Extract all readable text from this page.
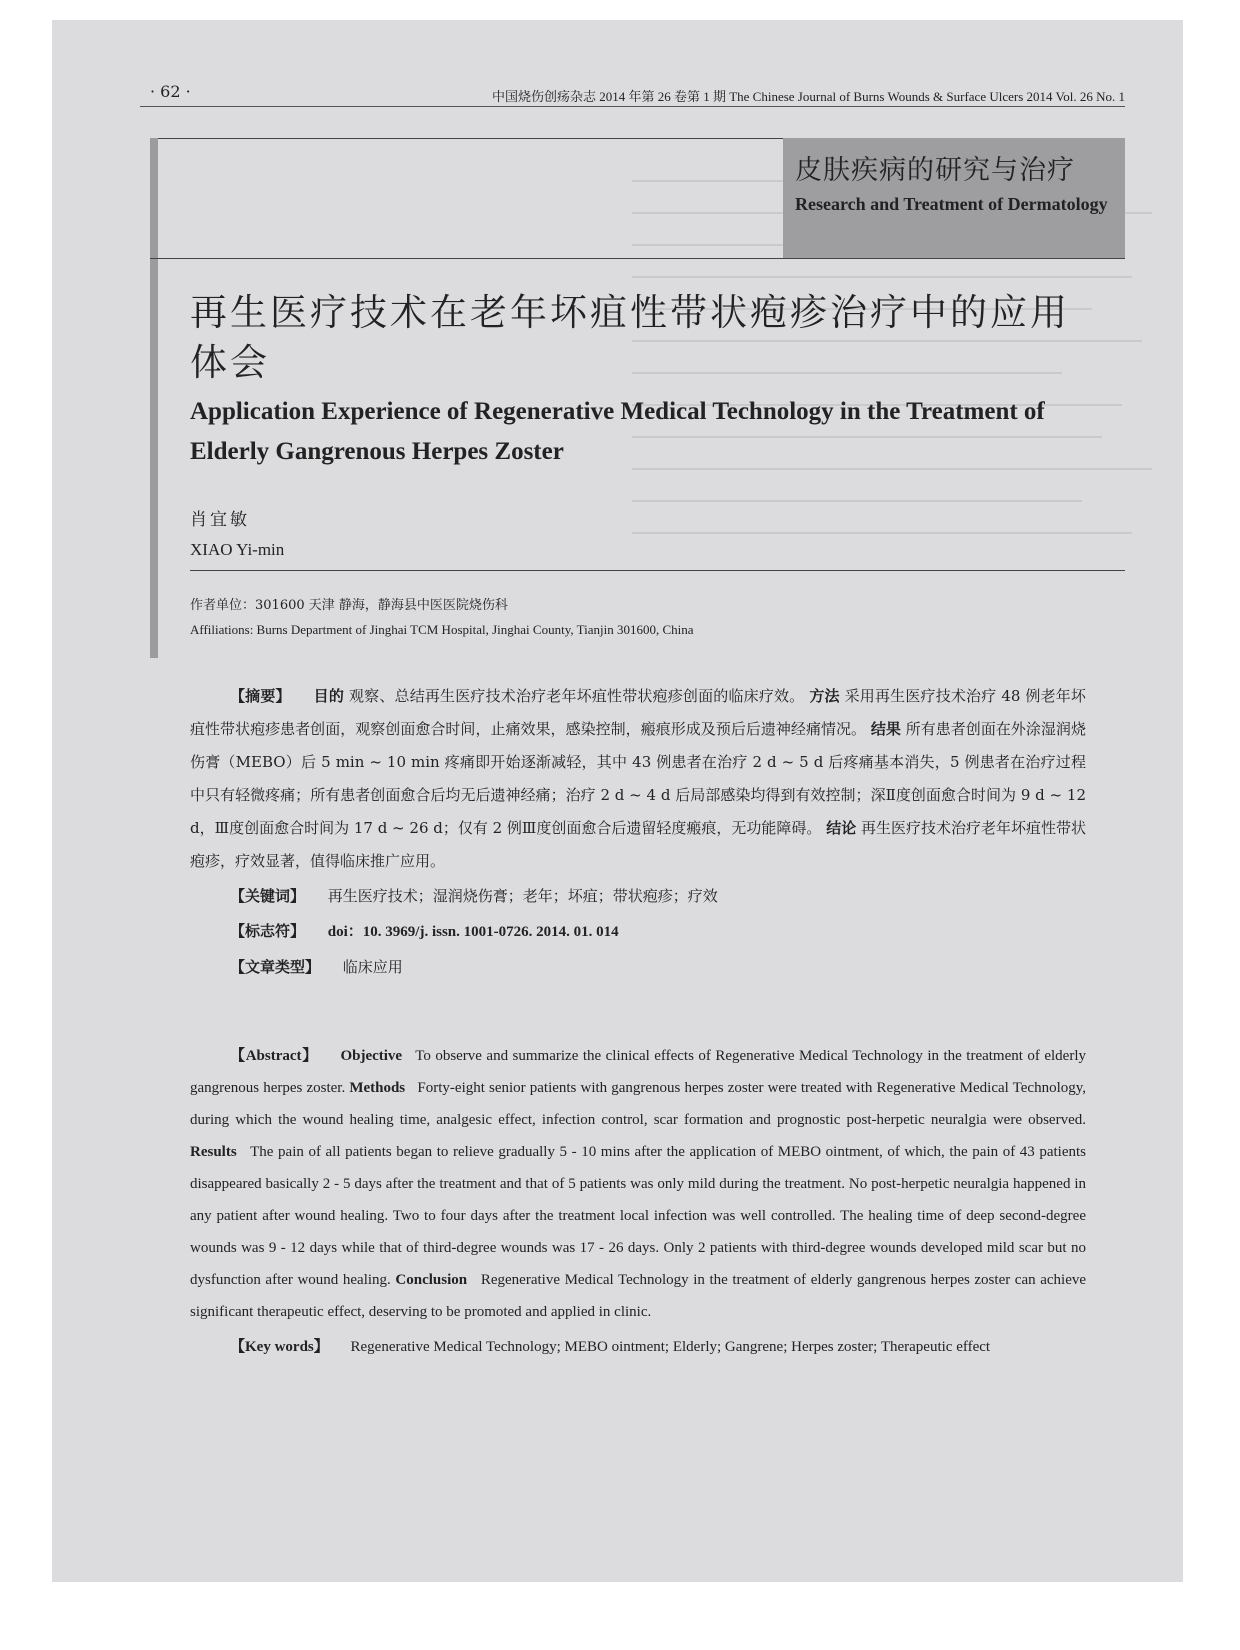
· 62 ·	中国烧伤创疡杂志 2014 年第 26 卷第 1 期 The Chinese Journal of Burns Wounds & Surface Ulcers 2014 Vol. 26 No. 1
皮肤疾病的研究与治疗
Research and Treatment of Dermatology
再生医疗技术在老年坏疽性带状疱疹治疗中的应用体会
Application Experience of Regenerative Medical Technology in the Treatment of Elderly Gangrenous Herpes Zoster
肖宜敏
XIAO Yi-min
作者单位：301600 天津 静海，静海县中医医院烧伤科
Affiliations: Burns Department of Jinghai TCM Hospital, Jinghai County, Tianjin 301600, China
【摘要】 目的 观察、总结再生医疗技术治疗老年坏疽性带状疱疹创面的临床疗效。 方法 采用再生医疗技术治疗 48 例老年坏疽性带状疱疹患者创面，观察创面愈合时间，止痛效果，感染控制，瘢痕形成及预后后遗神经痛情况。 结果 所有患者创面在外涂湿润烧伤膏（MEBO）后 5 min ~ 10 min 疼痛即开始逐渐减轻，其中 43 例患者在治疗 2 d ~ 5 d 后疼痛基本消失，5 例患者在治疗过程中只有轻微疼痛；所有患者创面愈合后均无后遗神经痛；治疗 2 d ~ 4 d 后局部感染均得到有效控制；深Ⅱ度创面愈合时间为 9 d ~ 12 d，Ⅲ度创面愈合时间为 17 d ~ 26 d；仅有 2 例Ⅲ度创面愈合后遗留轻度瘢痕，无功能障碍。 结论 再生医疗技术治疗老年坏疽性带状疱疹，疗效显著，值得临床推广应用。
【关键词】 再生医疗技术；湿润烧伤膏；老年；坏疽；带状疱疹；疗效
【标志符】 doi：10. 3969/j. issn. 1001-0726. 2014. 01. 014
【文章类型】 临床应用

【Abstract】 Objective To observe and summarize the clinical effects of Regenerative Medical Technology in the treatment of elderly gangrenous herpes zoster. Methods Forty-eight senior patients with gangrenous herpes zoster were treated with Regenerative Medical Technology, during which the wound healing time, analgesic effect, infection control, scar formation and prognostic post-herpetic neuralgia were observed. Results The pain of all patients began to relieve gradually 5 - 10 mins after the application of MEBO ointment, of which, the pain of 43 patients disappeared basically 2 - 5 days after the treatment and that of 5 patients was only mild during the treatment. No post-herpetic neuralgia happened in any patient after wound healing. Two to four days after the treatment local infection was well controlled. The healing time of deep second-degree wounds was 9 - 12 days while that of third-degree wounds was 17 - 26 days. Only 2 patients with third-degree wounds developed mild scar but no dysfunction after wound healing. Conclusion Regenerative Medical Technology in the treatment of elderly gangrenous herpes zoster can achieve significant therapeutic effect, deserving to be promoted and applied in clinic.

【Key words】 Regenerative Medical Technology; MEBO ointment; Elderly; Gangrene; Herpes zoster; Therapeutic effect
